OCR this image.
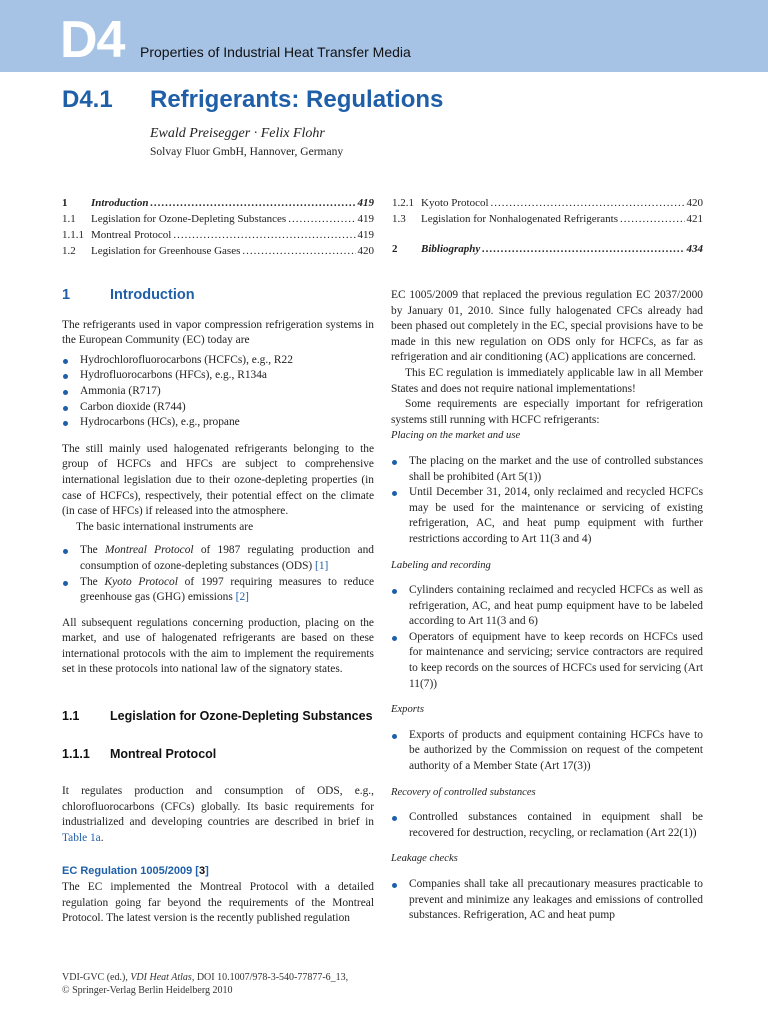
D4 Properties of Industrial Heat Transfer Media
D4.1 Refrigerants: Regulations
Ewald Preisegger · Felix Flohr
Solvay Fluor GmbH, Hannover, Germany
1	Introduction .....	419
1.1	Legislation for Ozone-Depleting Substances .....	419
1.1.1 Montreal Protocol .....	419
1.2	Legislation for Greenhouse Gases .....	420
1.2.1 Kyoto Protocol .....	420
1.3	Legislation for Nonhalogenated Refrigerants .....	421
2	Bibliography .....	434
1	Introduction

The refrigerants used in vapor compression refrigeration systems in the European Community (EC) today are

Hydrochlorofluorocarbons (HCFCs), e.g., R22
Hydrofluorocarbons (HFCs), e.g., R134a
Ammonia (R717)
Carbon dioxide (R744)
Hydrocarbons (HCs), e.g., propane

The still mainly used halogenated refrigerants belonging to the group of HCFCs and HFCs are subject to comprehensive international legislation due to their ozone-depleting properties (in case of HCFCs), respectively, their potential effect on the climate (in case of HFCs) if released into the atmosphere.

The basic international instruments are

The Montreal Protocol of 1987 regulating production and consumption of ozone-depleting substances (ODS) [1]
The Kyoto Protocol of 1997 requiring measures to reduce greenhouse gas (GHG) emissions [2]

All subsequent regulations concerning production, placing on the market, and use of halogenated refrigerants are based on these international protocols with the aim to implement the requirements set in these protocols into national law of the signatory states.

1.1	Legislation for Ozone-Depleting Substances
1.1.1	Montreal Protocol

It regulates production and consumption of ODS, e.g., chlorofluorocarbons (CFCs) globally. Its basic requirements for industrialized and developing countries are described in brief in Table 1a.

EC Regulation 1005/2009 [3]

The EC implemented the Montreal Protocol with a detailed regulation going far beyond the requirements of the Montreal Protocol. The latest version is the recently published regulation

EC 1005/2009 that replaced the previous regulation EC 2037/2000 by January 01, 2010. Since fully halogenated CFCs already had been phased out completely in the EC, special provisions have to be made in this new regulation on ODS only for HCFCs, as far as refrigeration and air conditioning (AC) applications are concerned.

This EC regulation is immediately applicable law in all Member States and does not require national implementations!

Some requirements are especially important for refrigeration systems still running with HCFC refrigerants:

Placing on the market and use
The placing on the market and the use of controlled substances shall be prohibited (Art 5(1))
Until December 31, 2014, only reclaimed and recycled HCFCs may be used for the maintenance or servicing of existing refrigeration, AC, and heat pump equipment with further restrictions according to Art 11(3 and 4)
Labeling and recording
Cylinders containing reclaimed and recycled HCFCs as well as refrigeration, AC, and heat pump equipment have to be labeled according to Art 11(3 and 6)
Operators of equipment have to keep records on HCFCs used for maintenance and servicing; service contractors are required to keep records on the sources of HCFCs used for servicing (Art 11(7))
Exports
Exports of products and equipment containing HCFCs have to be authorized by the Commission on request of the competent authority of a Member State (Art 17(3))
Recovery of controlled substances
Controlled substances contained in equipment shall be recovered for destruction, recycling, or reclamation (Art 22(1))
Leakage checks
Companies shall take all precautionary measures practicable to prevent and minimize any leakages and emissions of controlled substances. Refrigeration, AC and heat pump
VDI-GVC (ed.), VDI Heat Atlas, DOI 10.1007/978-3-540-77877-6_13,
© Springer-Verlag Berlin Heidelberg 2010
